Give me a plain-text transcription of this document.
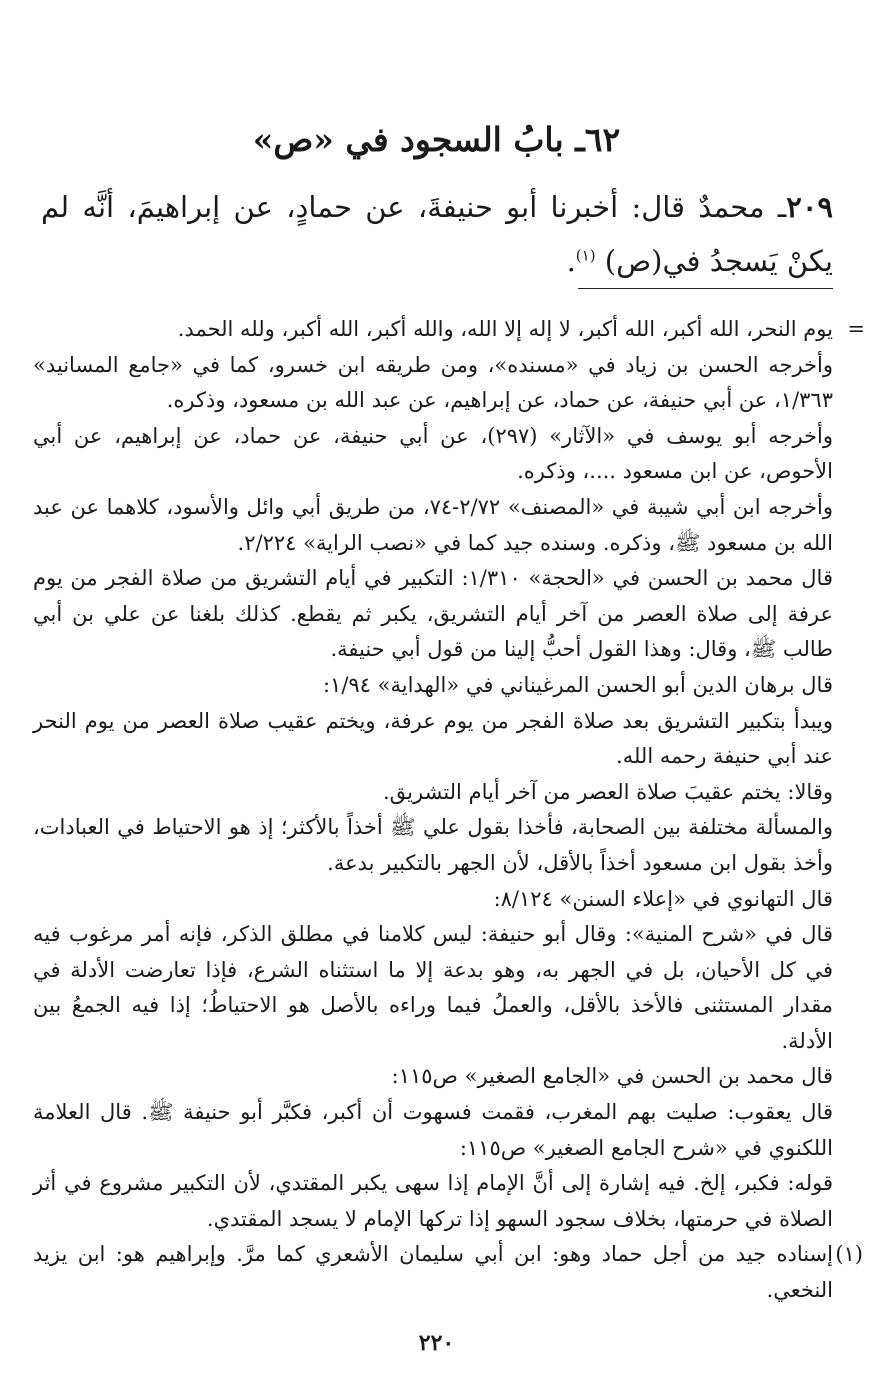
٦٢ـ بابُ السجود في «ص»

٢٠٩ـ محمدٌ قال: أخبرنا أبو حنيفةَ، عن حمادٍ، عن إبراهيمَ، أنَّه لم يكنْ يَسجدُ في(ص) $^{(١)}$.

=
يوم النحر، الله أكبر، الله أكبر، لا إله إلا الله، والله أكبر، الله أكبر، ولله الحمد.

وأخرجه الحسن بن زياد في «مسنده»، ومن طريقه ابن خسرو، كما في «جامع المسانيد» ١/٣٦٣، عن أبي حنيفة، عن حماد، عن إبراهيم، عن عبد الله بن مسعود، وذكره.

وأخرجه أبو يوسف في «الآثار» (٢٩٧)، عن أبي حنيفة، عن حماد، عن إبراهيم، عن أبي الأحوص، عن ابن مسعود ....، وذكره.

وأخرجه ابن أبي شيبة في «المصنف» ٢/٧٢-٧٤، من طريق أبي وائل والأسود، كلاهما عن عبد الله بن مسعود ﷺ، وذكره. وسنده جيد كما في «نصب الراية» ٢/٢٢٤.

قال محمد بن الحسن في «الحجة» ١/٣١٠: التكبير في أيام التشريق من صلاة الفجر من يوم عرفة إلى صلاة العصر من آخر أيام التشريق، يكبر ثم يقطع. كذلك بلغنا عن علي بن أبي طالب ﷺ، وقال: وهذا القول أحبُّ إلينا من قول أبي حنيفة.

قال برهان الدين أبو الحسن المرغيناني في «الهداية» ١/٩٤:

ويبدأ بتكبير التشريق بعد صلاة الفجر من يوم عرفة، ويختم عقيب صلاة العصر من يوم النحر عند أبي حنيفة رحمه الله.

وقالا: يختم عقيبَ صلاة العصر من آخر أيام التشريق.

والمسألة مختلفة بين الصحابة، فأخذا بقول علي ﷺ أخذاً بالأكثر؛ إذ هو الاحتياط في العبادات، وأخذ بقول ابن مسعود أخذاً بالأقل، لأن الجهر بالتكبير بدعة.

قال التهانوي في «إعلاء السنن» ٨/١٢٤:

قال في «شرح المنية»: وقال أبو حنيفة: ليس كلامنا في مطلق الذكر، فإنه أمر مرغوب فيه في كل الأحيان، بل في الجهر به، وهو بدعة إلا ما استثناه الشرع، فإذا تعارضت الأدلة في مقدار المستثنى فالأخذ بالأقل، والعملُ فيما وراءه بالأصل هو الاحتياطُ؛ إذا فيه الجمعُ بين الأدلة.

قال محمد بن الحسن في «الجامع الصغير» ص١١٥:

قال يعقوب: صليت بهم المغرب، فقمت فسهوت أن أكبر، فكبَّر أبو حنيفة ﷺ. قال العلامة اللكنوي في «شرح الجامع الصغير» ص١١٥:

قوله: فكبر، إلخ. فيه إشارة إلى أنَّ الإمام إذا سهى يكبر المقتدي، لأن التكبير مشروع في أثر الصلاة في حرمتها، بخلاف سجود السهو إذا تركها الإمام لا يسجد المقتدي.

(١)
إسناده جيد من أجل حماد وهو: ابن أبي سليمان الأشعري كما مرَّ. وإبراهيم هو: ابن يزيد النخعي.

٢٢٠
